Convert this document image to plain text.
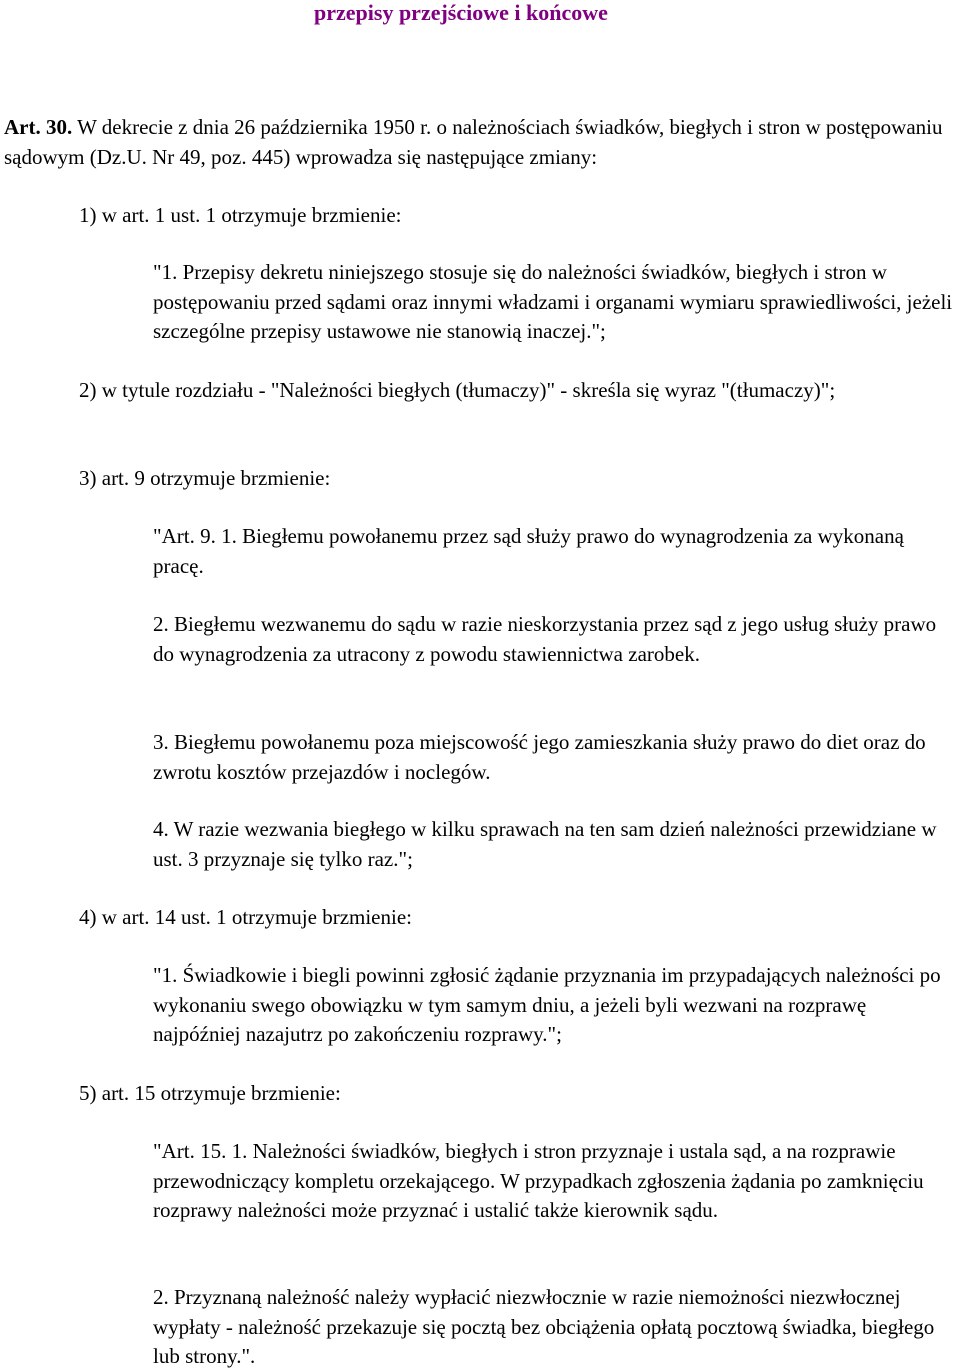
przepisy przejściowe i końcowe

Art. 30. W dekrecie z dnia 26 października 1950 r. o należnościach świadków, biegłych i stron w postępowaniu sądowym (Dz.U. Nr 49, poz. 445) wprowadza się następujące zmiany:

1) w art. 1 ust. 1 otrzymuje brzmienie:

"1. Przepisy dekretu niniejszego stosuje się do należności świadków, biegłych i stron w postępowaniu przed sądami oraz innymi władzami i organami wymiaru sprawiedliwości, jeżeli szczególne przepisy ustawowe nie stanowią inaczej.";

2) w tytule rozdziału - "Należności biegłych (tłumaczy)" - skreśla się wyraz "(tłumaczy)";

3) art. 9 otrzymuje brzmienie:

"Art. 9. 1. Biegłemu powołanemu przez sąd służy prawo do wynagrodzenia za wykonaną pracę.

2. Biegłemu wezwanemu do sądu w razie nieskorzystania przez sąd z jego usług służy prawo do wynagrodzenia za utracony z powodu stawiennictwa zarobek.

3. Biegłemu powołanemu poza miejscowość jego zamieszkania służy prawo do diet oraz do zwrotu kosztów przejazdów i noclegów.

4. W razie wezwania biegłego w kilku sprawach na ten sam dzień należności przewidziane w ust. 3 przyznaje się tylko raz.";

4) w art. 14 ust. 1 otrzymuje brzmienie:

"1. Świadkowie i biegli powinni zgłosić żądanie przyznania im przypadających należności po wykonaniu swego obowiązku w tym samym dniu, a jeżeli byli wezwani na rozprawę najpóźniej nazajutrz po zakończeniu rozprawy.";

5) art. 15 otrzymuje brzmienie:

"Art. 15. 1. Należności świadków, biegłych i stron przyznaje i ustala sąd, a na rozprawie przewodniczący kompletu orzekającego. W przypadkach zgłoszenia żądania po zamknięciu rozprawy należności może przyznać i ustalić także kierownik sądu.

2. Przyznaną należność należy wypłacić niezwłocznie w razie niemożności niezwłocznej wypłaty - należność przekazuje się pocztą bez obciążenia opłatą pocztową świadka, biegłego lub strony.".
